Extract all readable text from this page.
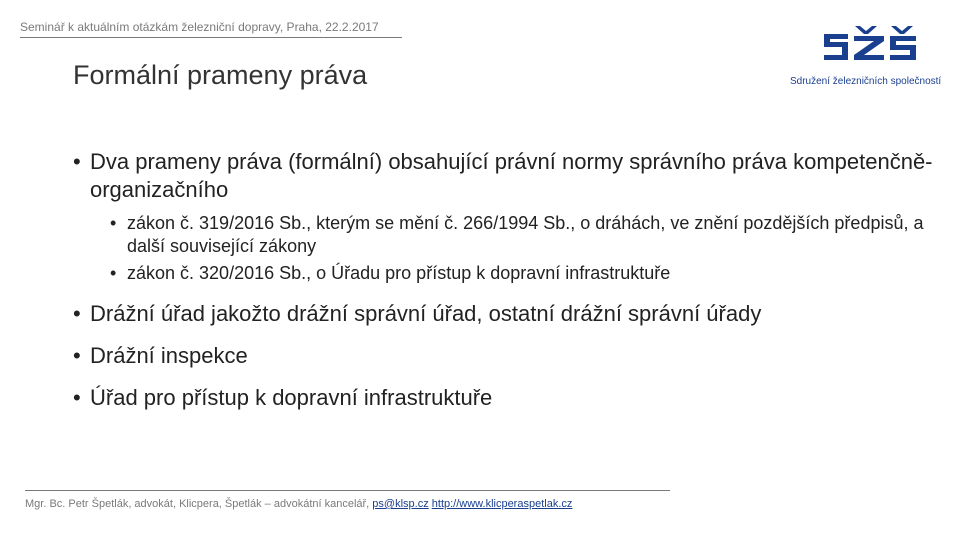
Seminář k aktuálním otázkám železniční dopravy, Praha, 22.2.2017
Formální prameny práva	Sdružení železničních společností
• Dva prameny práva (formální) obsahující právní normy správního práva kompetenčně-organizačního
• zákon č. 319/2016 Sb., kterým se mění č. 266/1994 Sb., o dráhách, ve znění pozdějších předpisů, a další související zákony
• zákon č. 320/2016 Sb., o Úřadu pro přístup k dopravní infrastruktuře
• Drážní úřad jakožto drážní správní úřad, ostatní drážní správní úřady
• Drážní inspekce
• Úřad pro přístup k dopravní infrastruktuře
Mgr. Bc. Petr Špetlák, advokát, Klicpera, Špetlák – advokátní kancelář, ps@klsp.cz http://www.klicperaspetlak.cz
